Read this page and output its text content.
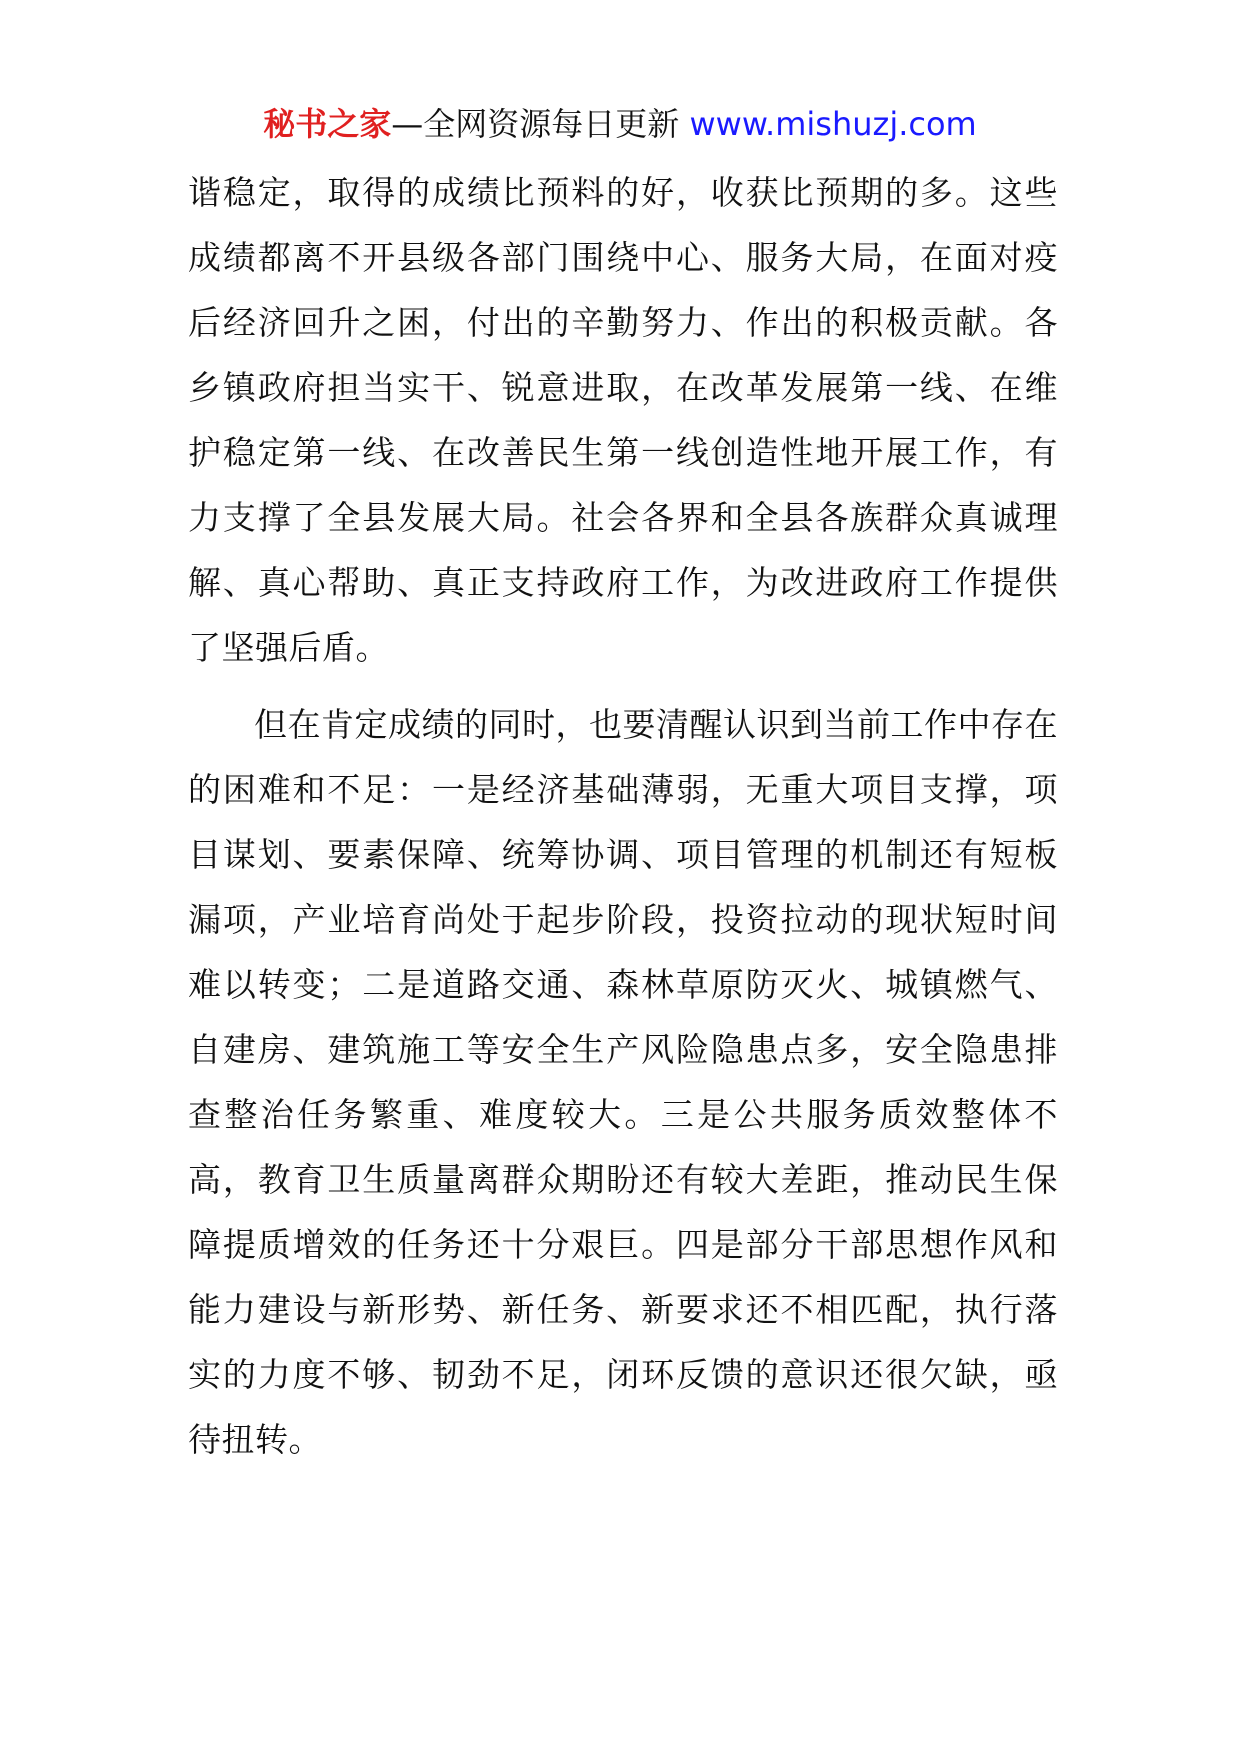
秘书之家—全网资源每日更新 www.mishuzj.com

谐稳定，取得的成绩比预料的好，收获比预期的多。这些成绩都离不开县级各部门围绕中心、服务大局，在面对疫后经济回升之困，付出的辛勤努力、作出的积极贡献。各乡镇政府担当实干、锐意进取，在改革发展第一线、在维护稳定第一线、在改善民生第一线创造性地开展工作，有力支撑了全县发展大局。社会各界和全县各族群众真诚理解、真心帮助、真正支持政府工作，为改进政府工作提供了坚强后盾。

但在肯定成绩的同时，也要清醒认识到当前工作中存在的困难和不足：一是经济基础薄弱，无重大项目支撑，项目谋划、要素保障、统筹协调、项目管理的机制还有短板漏项，产业培育尚处于起步阶段，投资拉动的现状短时间难以转变；二是道路交通、森林草原防灭火、城镇燃气、自建房、建筑施工等安全生产风险隐患点多，安全隐患排查整治任务繁重、难度较大。三是公共服务质效整体不高，教育卫生质量离群众期盼还有较大差距，推动民生保障提质增效的任务还十分艰巨。四是部分干部思想作风和能力建设与新形势、新任务、新要求还不相匹配，执行落实的力度不够、韧劲不足，闭环反馈的意识还很欠缺，亟待扭转。
